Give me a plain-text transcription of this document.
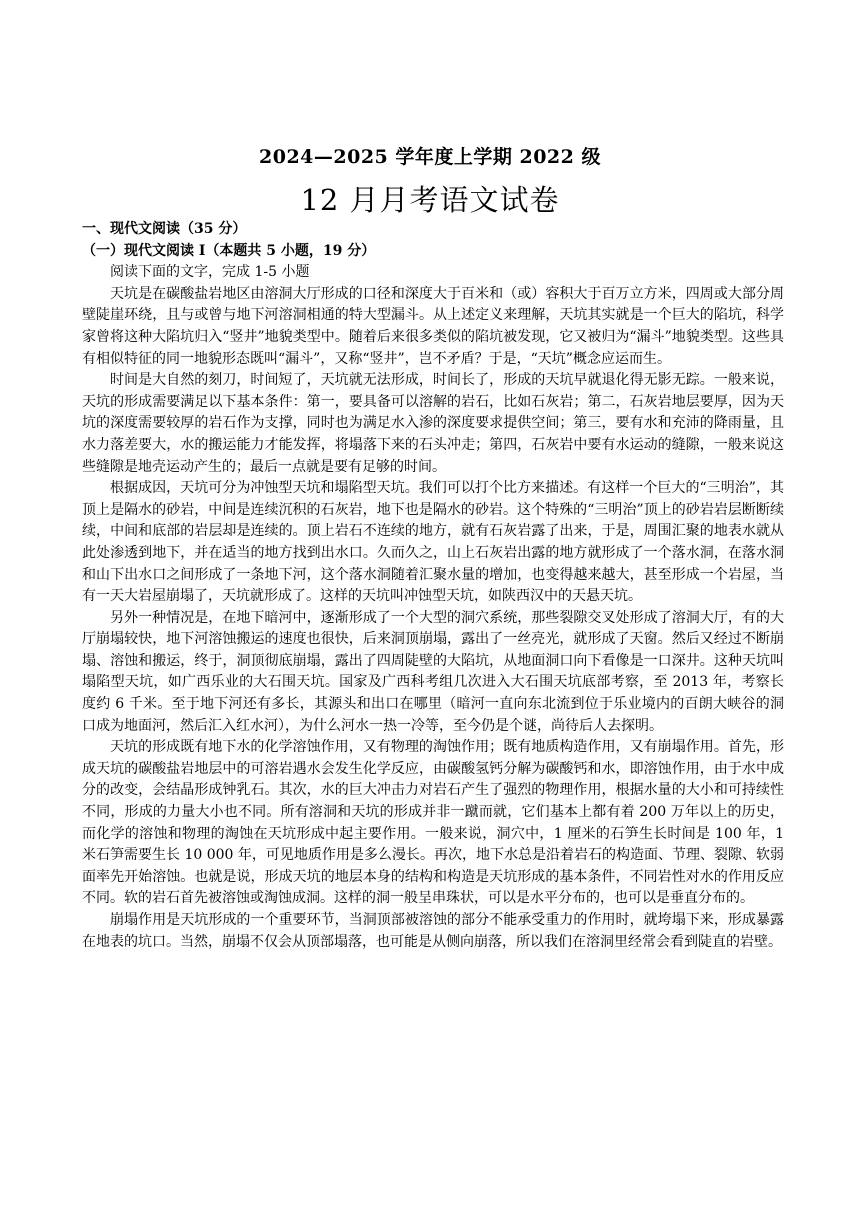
2024—2025 学年度上学期 2022 级
12 月月考语文试卷

一、现代文阅读（35 分）

（一）现代文阅读 I（本题共 5 小题，19 分）

阅读下面的文字，完成 1-5 小题

天坑是在碳酸盐岩地区由溶洞大厅形成的口径和深度大于百米和（或）容积大于百万立方米，四周或大部分周壁陡崖环绕，且与或曾与地下河溶洞相通的特大型漏斗。从上述定义来理解，天坑其实就是一个巨大的陷坑，科学家曾将这种大陷坑归入“竖井”地貌类型中。随着后来很多类似的陷坑被发现，它又被归为“漏斗”地貌类型。这些具有相似特征的同一地貌形态既叫“漏斗”，又称“竖井”，岂不矛盾？于是，“天坑”概念应运而生。

时间是大自然的刻刀，时间短了，天坑就无法形成，时间长了，形成的天坑早就退化得无影无踪。一般来说，天坑的形成需要满足以下基本条件：第一，要具备可以溶解的岩石，比如石灰岩；第二，石灰岩地层要厚，因为天坑的深度需要较厚的岩石作为支撑，同时也为满足水入渗的深度要求提供空间；第三，要有水和充沛的降雨量，且水力落差要大，水的搬运能力才能发挥，将塌落下来的石头冲走；第四，石灰岩中要有水运动的缝隙，一般来说这些缝隙是地壳运动产生的；最后一点就是要有足够的时间。

根据成因，天坑可分为冲蚀型天坑和塌陷型天坑。我们可以打个比方来描述。有这样一个巨大的“三明治”，其顶上是隔水的砂岩，中间是连续沉积的石灰岩，地下也是隔水的砂岩。这个特殊的“三明治”顶上的砂岩岩层断断续续，中间和底部的岩层却是连续的。顶上岩石不连续的地方，就有石灰岩露了出来，于是，周围汇聚的地表水就从此处渗透到地下，并在适当的地方找到出水口。久而久之，山上石灰岩出露的地方就形成了一个落水洞，在落水洞和山下出水口之间形成了一条地下河，这个落水洞随着汇聚水量的增加，也变得越来越大，甚至形成一个岩屋，当有一天大岩屋崩塌了，天坑就形成了。这样的天坑叫冲蚀型天坑，如陕西汉中的天悬天坑。

另外一种情况是，在地下暗河中，逐渐形成了一个大型的洞穴系统，那些裂隙交叉处形成了溶洞大厅，有的大厅崩塌较快，地下河溶蚀搬运的速度也很快，后来洞顶崩塌，露出了一丝亮光，就形成了天窗。然后又经过不断崩塌、溶蚀和搬运，终于，洞顶彻底崩塌，露出了四周陡壁的大陷坑，从地面洞口向下看像是一口深井。这种天坑叫塌陷型天坑，如广西乐业的大石围天坑。国家及广西科考组几次进入大石围天坑底部考察，至 2013 年，考察长度约 6 千米。至于地下河还有多长，其源头和出口在哪里（暗河一直向东北流到位于乐业境内的百朗大峡谷的洞口成为地面河，然后汇入红水河），为什么河水一热一冷等，至今仍是个谜，尚待后人去探明。

天坑的形成既有地下水的化学溶蚀作用，又有物理的淘蚀作用；既有地质构造作用，又有崩塌作用。首先，形成天坑的碳酸盐岩地层中的可溶岩遇水会发生化学反应，由碳酸氢钙分解为碳酸钙和水，即溶蚀作用，由于水中成分的改变，会结晶形成钟乳石。其次，水的巨大冲击力对岩石产生了强烈的物理作用，根据水量的大小和可持续性不同，形成的力量大小也不同。所有溶洞和天坑的形成并非一蹴而就，它们基本上都有着 200 万年以上的历史，而化学的溶蚀和物理的淘蚀在天坑形成中起主要作用。一般来说，洞穴中，1 厘米的石笋生长时间是 100 年，1 米石笋需要生长 10 000 年，可见地质作用是多么漫长。再次，地下水总是沿着岩石的构造面、节理、裂隙、软弱面率先开始溶蚀。也就是说，形成天坑的地层本身的结构和构造是天坑形成的基本条件，不同岩性对水的作用反应不同。软的岩石首先被溶蚀或淘蚀成洞。这样的洞一般呈串珠状，可以是水平分布的，也可以是垂直分布的。

崩塌作用是天坑形成的一个重要环节，当洞顶部被溶蚀的部分不能承受重力的作用时，就垮塌下来，形成暴露在地表的坑口。当然，崩塌不仅会从顶部塌落，也可能是从侧向崩落，所以我们在溶洞里经常会看到陡直的岩壁。
